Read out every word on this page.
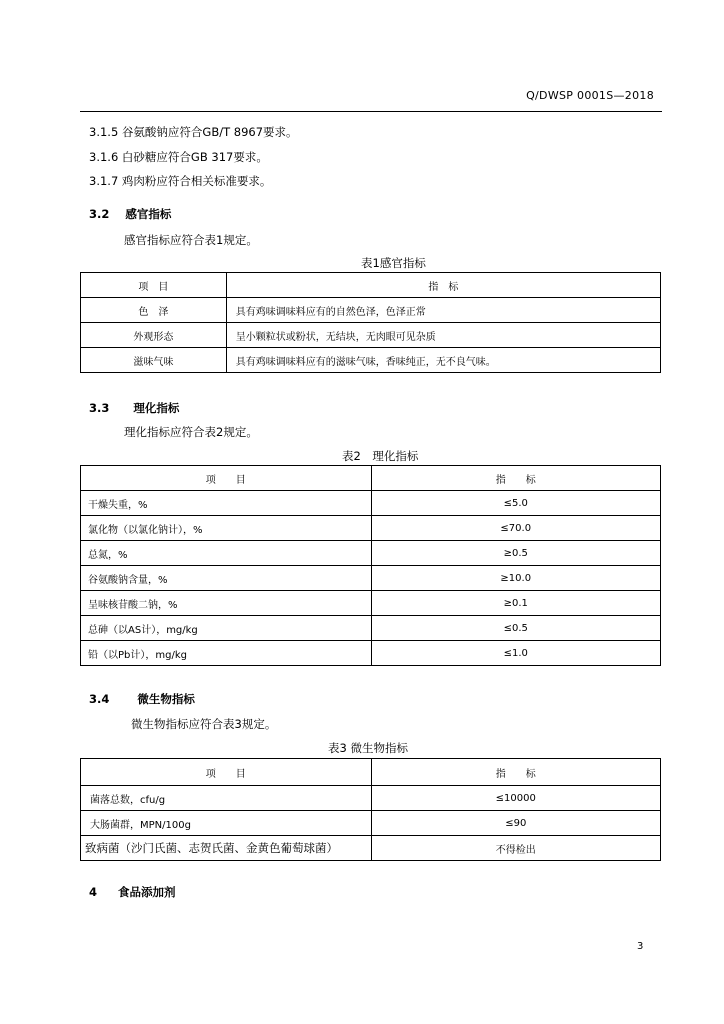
Q/DWSP 0001S—2018
3.1.5 谷氨酸钠应符合GB/T 8967要求。
3.1.6 白砂糖应符合GB 317要求。
3.1.7 鸡肉粉应符合相关标准要求。
3.2 感官指标
感官指标应符合表1规定。
表1感官指标
项　目	指　标
色　泽	具有鸡味调味料应有的自然色泽，色泽正常
外观形态	呈小颗粒状或粉状，无结块，无肉眼可见杂质
滋味气味	具有鸡味调味料应有的滋味气味，香味纯正，无不良气味。
3.3 理化指标
理化指标应符合表2规定。
表2　理化指标
项　　目	指　　标
干燥失重，%	≤5.0
氯化物（以氯化钠计），%	≤70.0
总氮，%	≥0.5
谷氨酸钠含量，%	≥10.0
呈味核苷酸二钠，%	≥0.1
总砷（以AS计），mg/kg	≤0.5
铅（以Pb计），mg/kg	≤1.0
3.4 微生物指标
微生物指标应符合表3规定。
表3 微生物指标
项　　目	指　　标
菌落总数，cfu/g	≤10000
大肠菌群，MPN/100g	≤90
致病菌（沙门氏菌、志贺氏菌、金黄色葡萄球菌）	不得检出
4 食品添加剂
3
